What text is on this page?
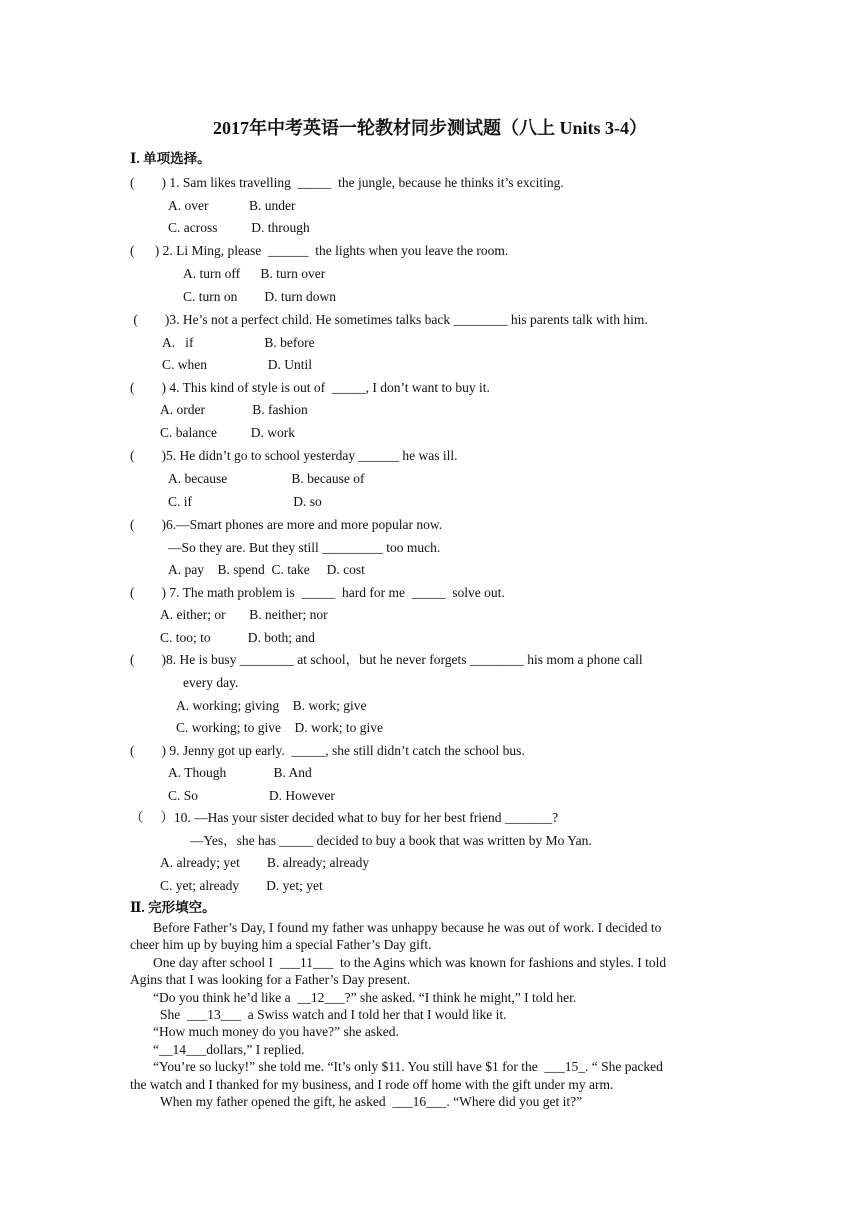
2017年中考英语一轮教材同步测试题（八上 Units 3-4）
Ⅰ. 单项选择。
(        ) 1. Sam likes travelling  _____  the jungle, because he thinks it’s exciting.
A. over            B. under
C. across          D. through
(      ) 2. Li Ming, please  ______  the lights when you leave the room.
A. turn off      B. turn over
C. turn on        D. turn down
(        )3. He’s not a perfect child. He sometimes talks back ________ his parents talk with him.
A.   if                     B. before
C. when                  D. Until
(        ) 4. This kind of style is out of  _____, I don’t want to buy it.
A. order              B. fashion
C. balance          D. work
(        )5. He didn’t go to school yesterday ______ he was ill.
A. because                   B. because of
C. if                              D. so
(        )6.—Smart phones are more and more popular now.
—So they are. But they still _________ too much.
A. pay    B. spend  C. take     D. cost
(        ) 7. The math problem is  _____  hard for me  _____  solve out.
A. either; or       B. neither; nor
C. too; to           D. both; and
(        )8. He is busy ________ at school，but he never forgets ________ his mom a phone call
every day.
A. working; giving    B. work; give
C. working; to give    D. work; to give
(        ) 9. Jenny got up early.  _____, she still didn’t catch the school bus.
A. Though              B. And
C. So                     D. However
（     ）10. —Has your sister decided what to buy for her best friend _______?
—Yes，she has _____ decided to buy a book that was written by Mo Yan.
A. already; yet        B. already; already
C. yet; already        D. yet; yet
Ⅱ. 完形填空。
Before Father’s Day, I found my father was unhappy because he was out of work. I decided to
cheer him up by buying him a special Father’s Day gift.
One day after school I  ___11___  to the Agins which was known for fashions and styles. I told
Agins that I was looking for a Father’s Day present.
“Do you think he’d like a  __12___?” she asked. “I think he might,” I told her.
She  ___13___  a Swiss watch and I told her that I would like it.
“How much money do you have?” she asked.
“__14___dollars,” I replied.
“You’re so lucky!” she told me. “It’s only $11. You still have $1 for the  ___15_. “ She packed
the watch and I thanked for my business, and I rode off home with the gift under my arm.
When my father opened the gift, he asked  ___16___. “Where did you get it?”
